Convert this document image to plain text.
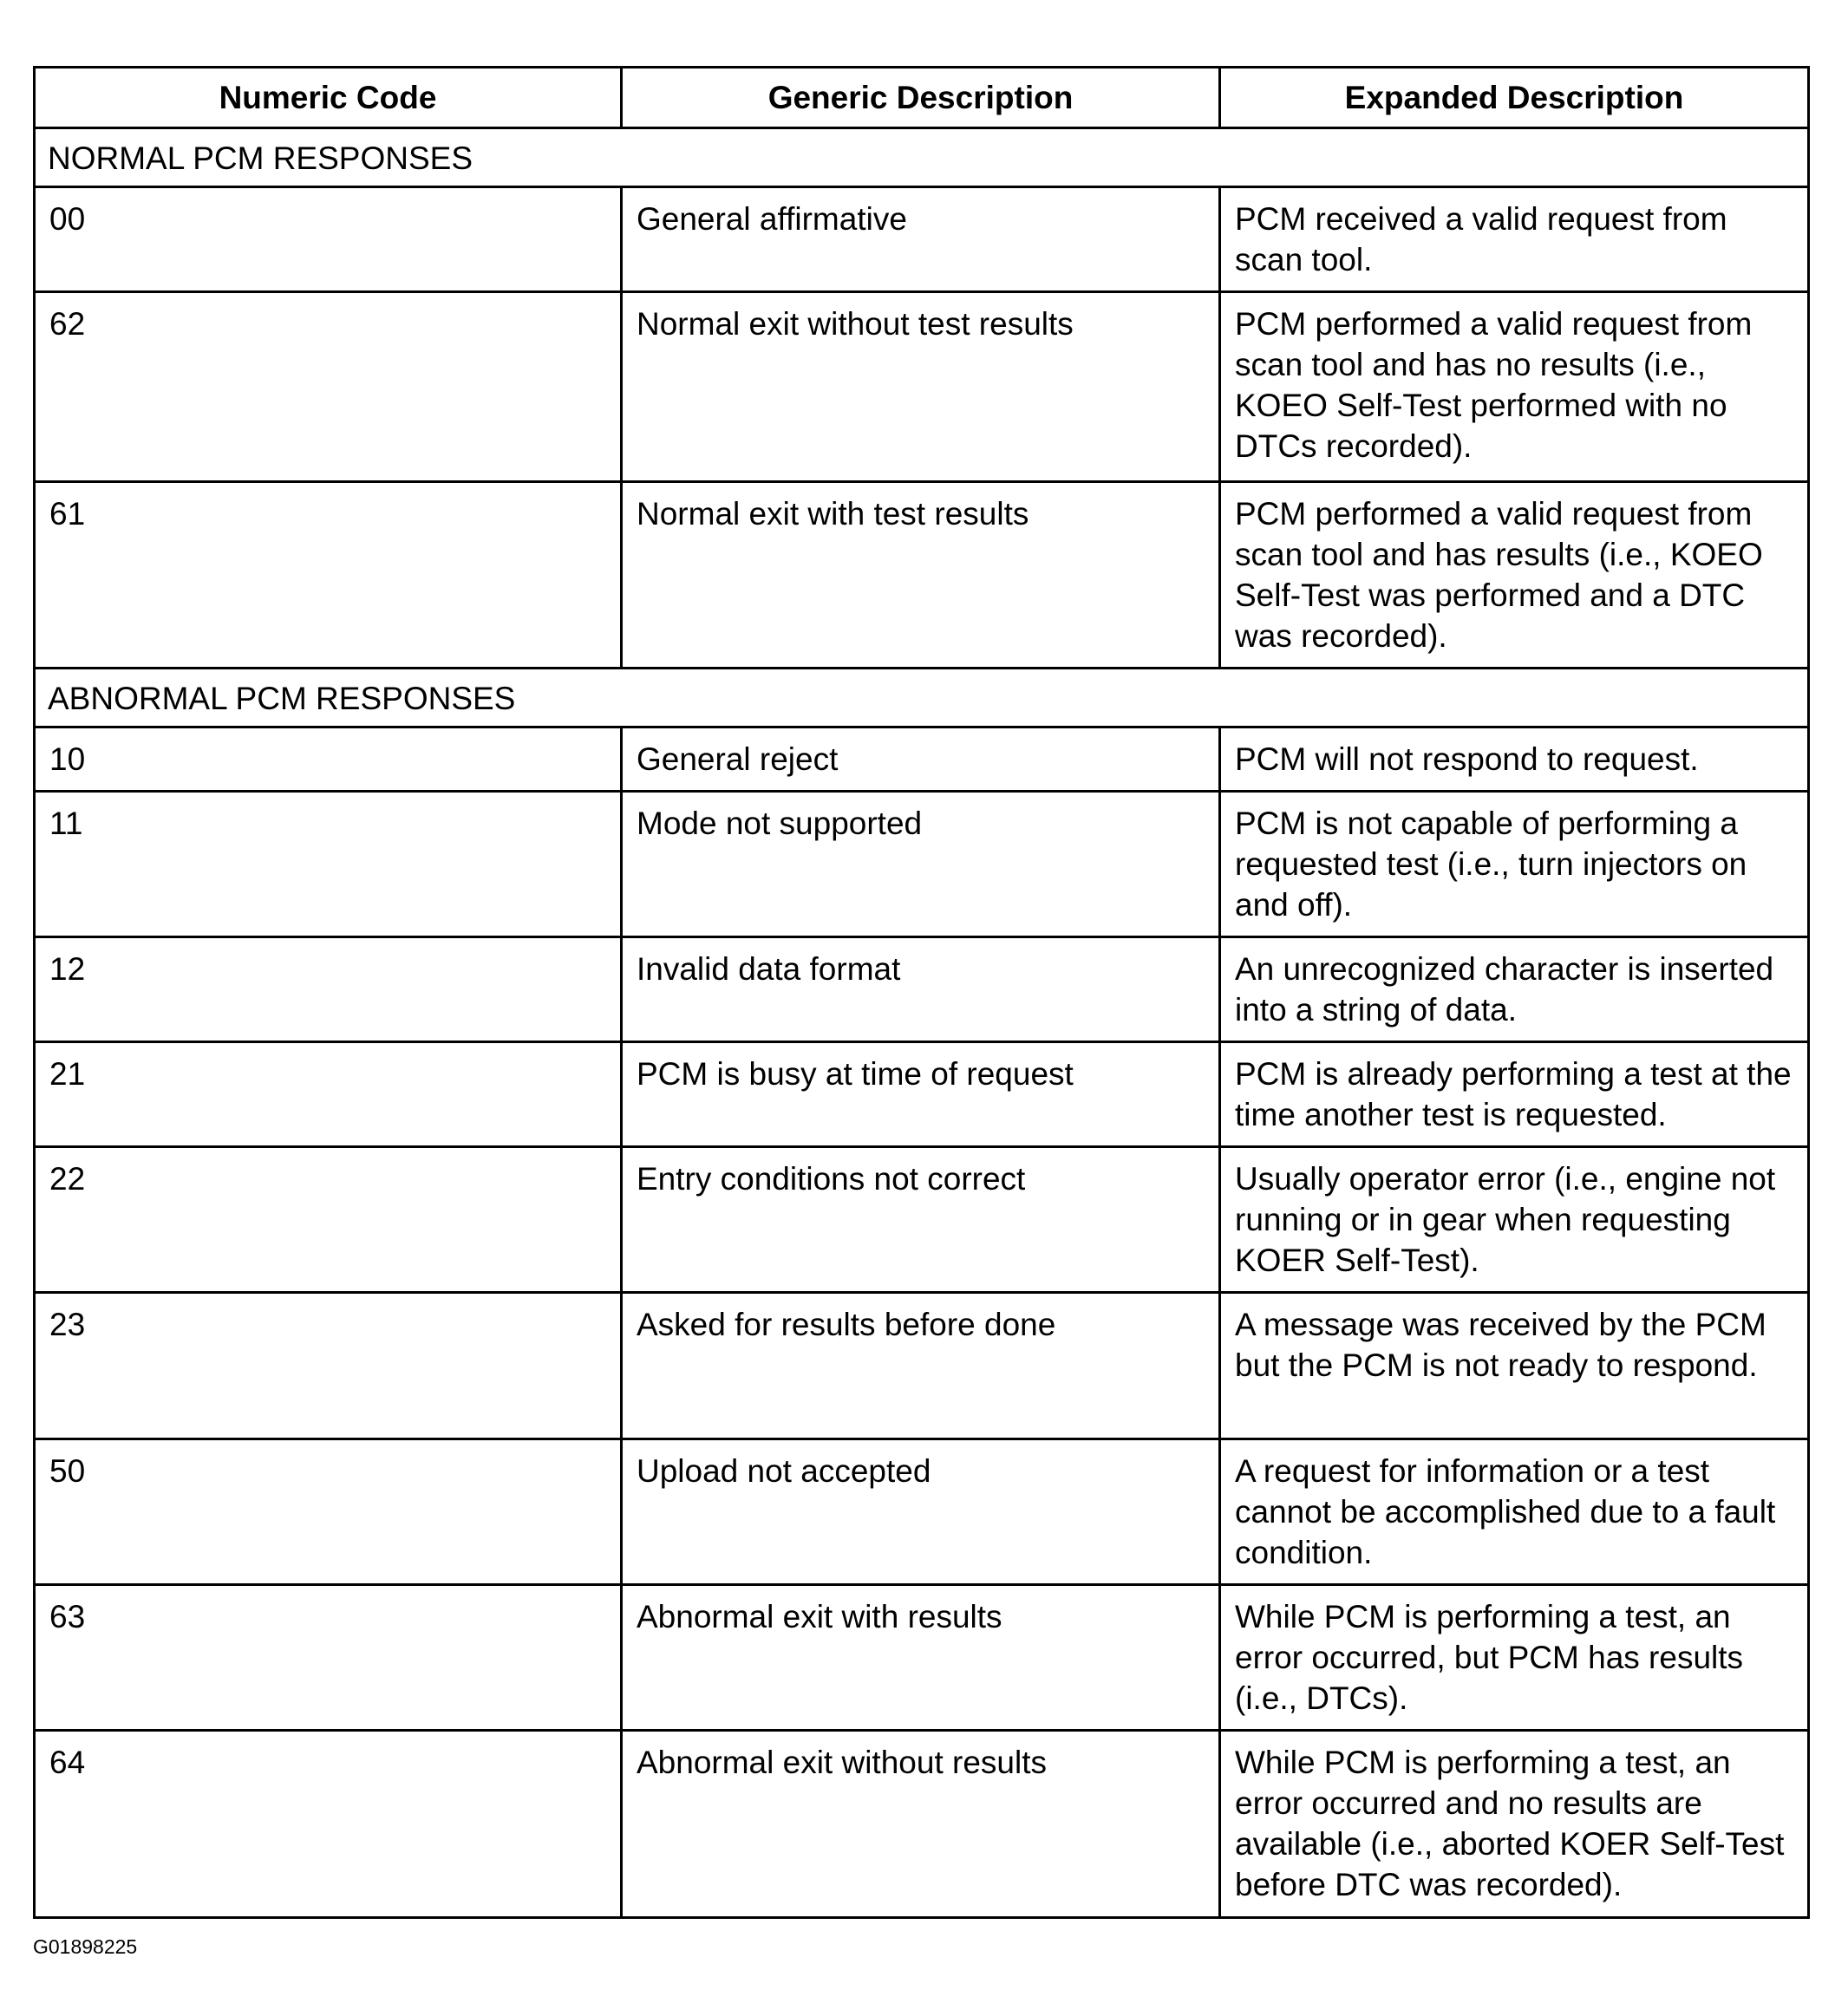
Numeric Code	Generic Description	Expanded Description
NORMAL PCM RESPONSES		
00	General affirmative	PCM received a valid request from scan tool.
62	Normal exit without test results	PCM performed a valid request from scan tool and has no results (i.e., KOEO Self-Test performed with no DTCs recorded).
61	Normal exit with test results	PCM performed a valid request from scan tool and has results (i.e., KOEO Self-Test was performed and a DTC was recorded).
ABNORMAL PCM RESPONSES		
10	General reject	PCM will not respond to request.
11	Mode not supported	PCM is not capable of performing a requested test (i.e., turn injectors on and off).
12	Invalid data format	An unrecognized character is inserted into a string of data.
21	PCM is busy at time of request	PCM is already performing a test at the time another test is requested.
22	Entry conditions not correct	Usually operator error (i.e., engine not running or in gear when requesting KOER Self-Test).
23	Asked for results before done	A message was received by the PCM but the PCM is not ready to respond.
50	Upload not accepted	A request for information or a test cannot be accomplished due to a fault condition.
63	Abnormal exit with results	While PCM is performing a test, an error occurred, but PCM has results (i.e., DTCs).
64	Abnormal exit without results	While PCM is performing a test, an error occurred and no results are available (i.e., aborted KOER Self-Test before DTC was recorded).
G01898225
